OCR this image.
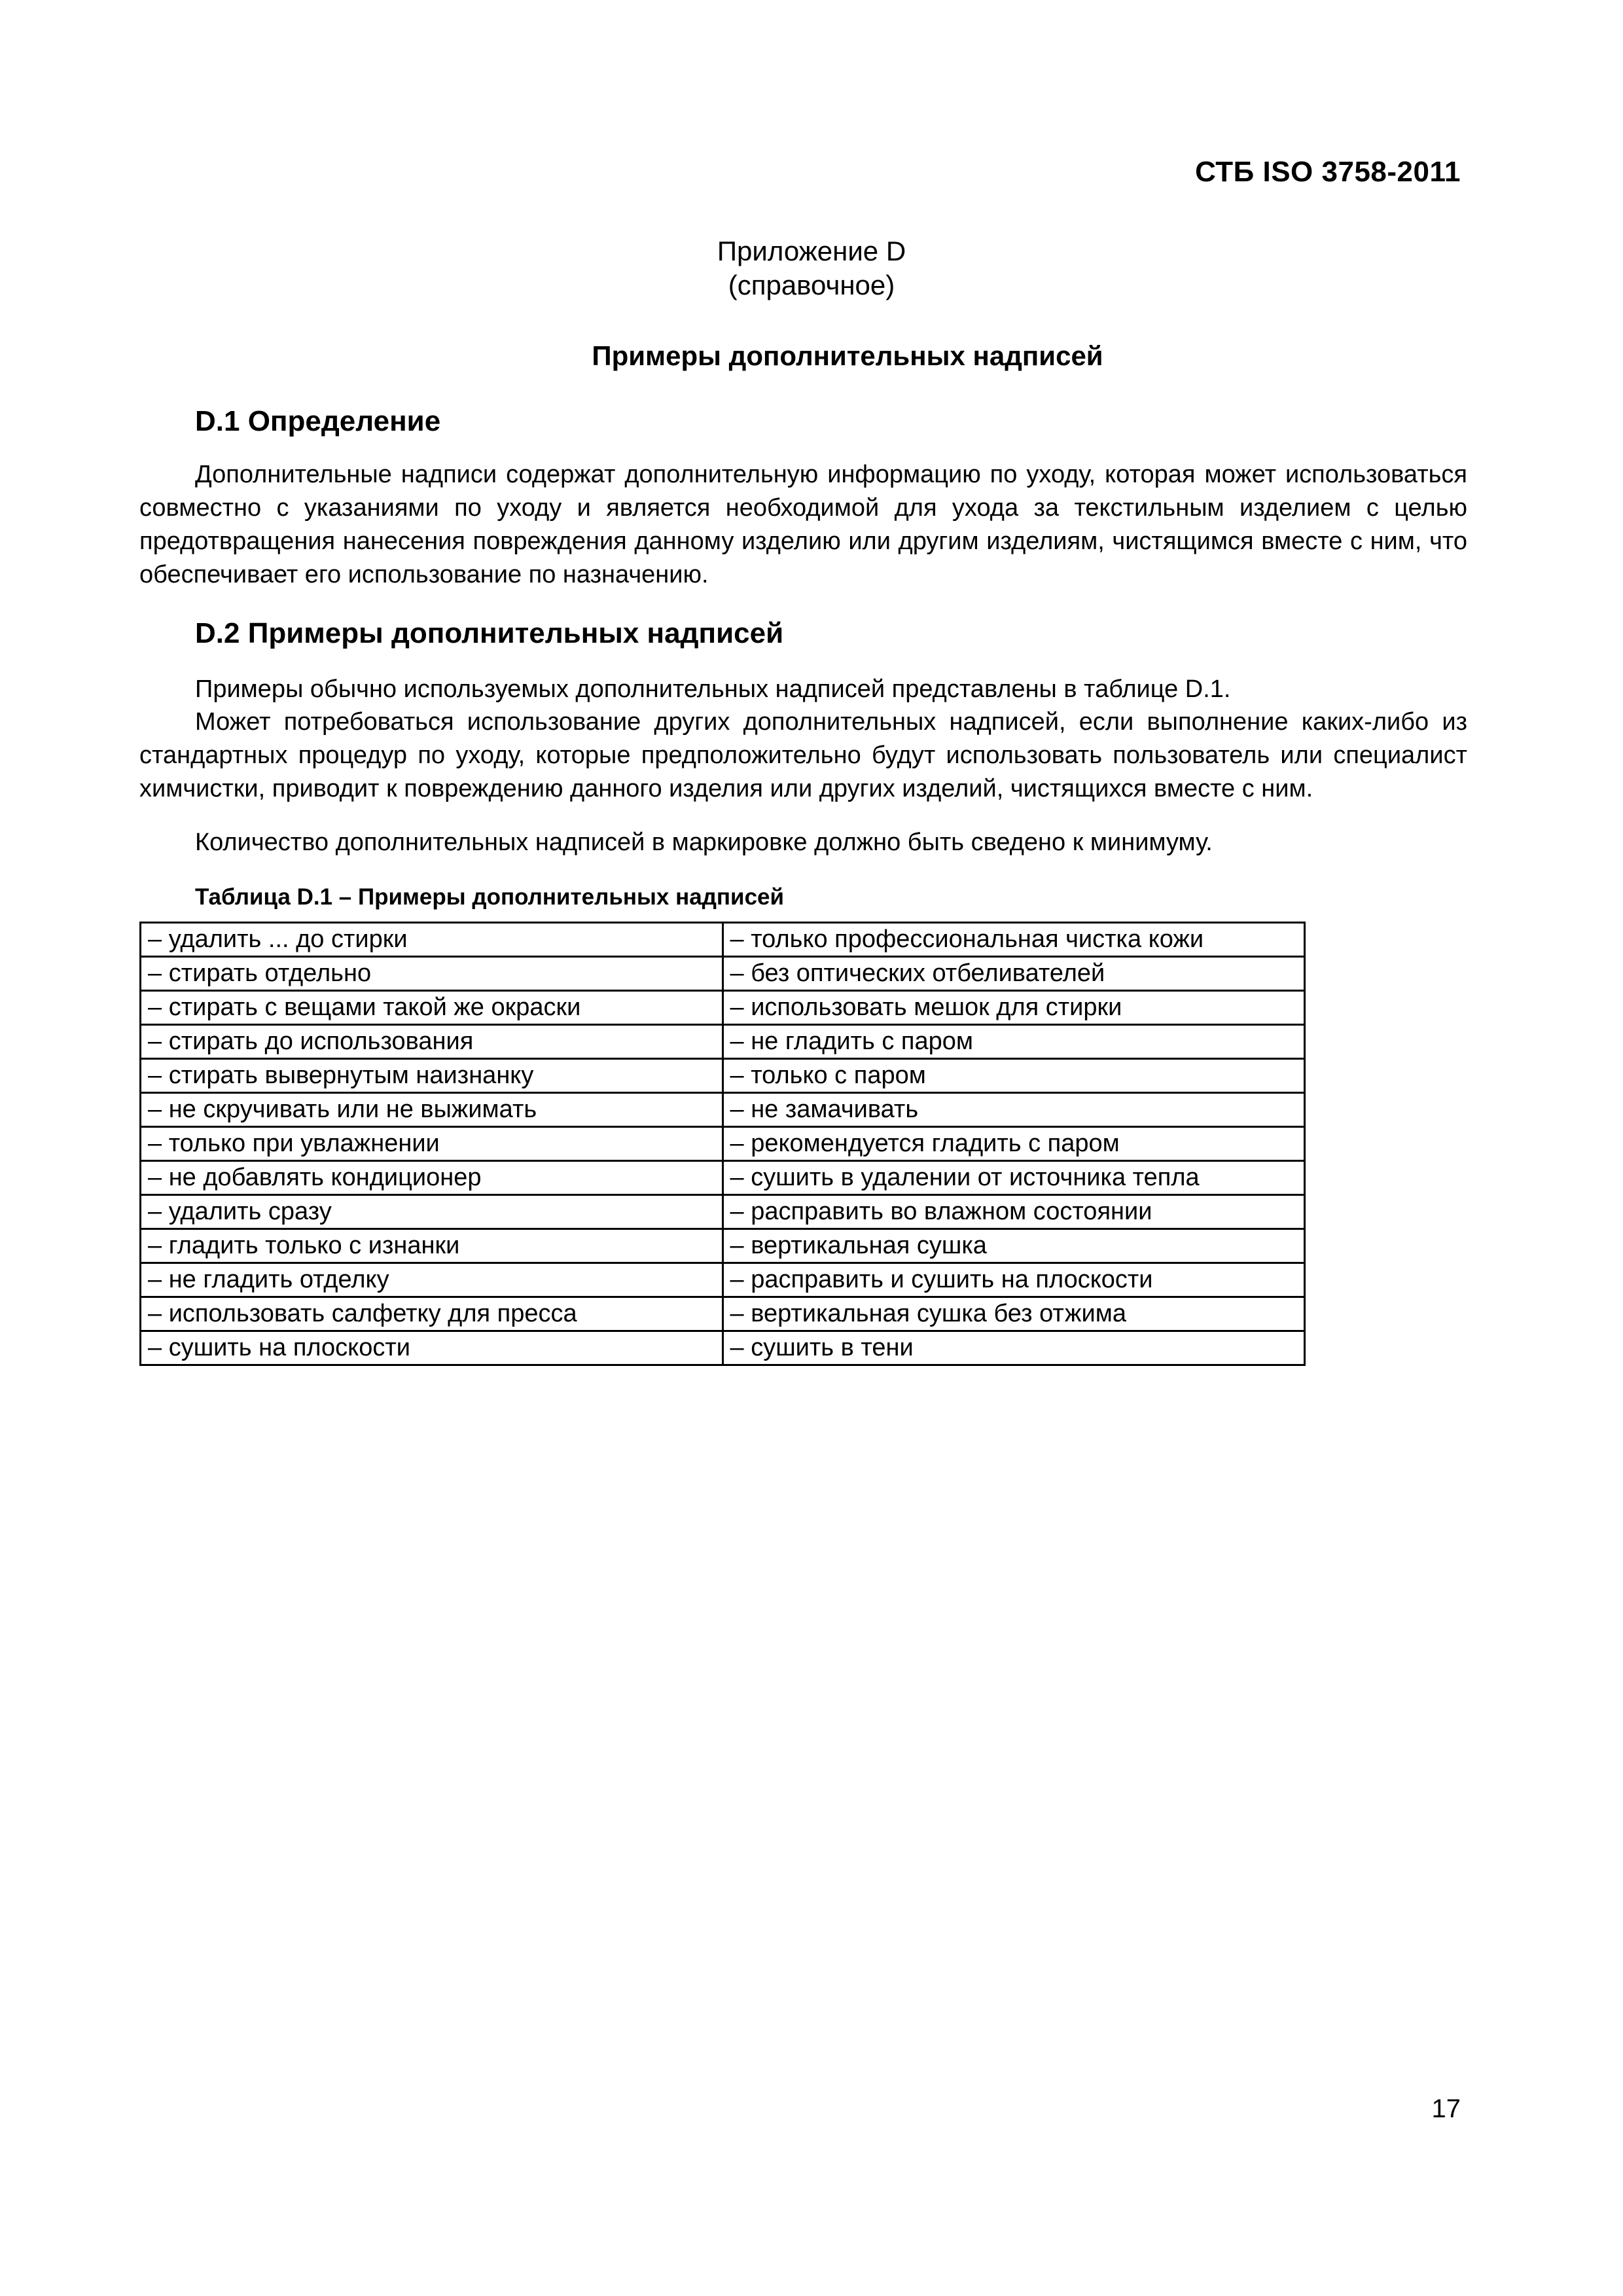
СТБ ISO 3758-2011
Приложение D
(справочное)
Примеры дополнительных надписей
D.1 Определение
Дополнительные надписи содержат дополнительную информацию по уходу, которая может использоваться совместно с указаниями по уходу и является необходимой для ухода за текстильным изделием с целью предотвращения нанесения повреждения данному изделию или другим изделиям, чистящимся вместе с ним, что обеспечивает его использование по назначению.
D.2 Примеры дополнительных надписей
Примеры обычно используемых дополнительных надписей представлены в таблице D.1.
Может потребоваться использование других дополнительных надписей, если выполнение каких-либо из стандартных процедур по уходу, которые предположительно будут использовать пользователь или специалист химчистки, приводит к повреждению данного изделия или других изделий, чистящихся вместе с ним.
Количество дополнительных надписей в маркировке должно быть сведено к минимуму.
Таблица D.1 – Примеры дополнительных надписей
– удалить ... до стирки	– только профессиональная чистка кожи
– стирать отдельно	– без оптических отбеливателей
– стирать с вещами такой же окраски	– использовать мешок для стирки
– стирать до использования	– не гладить с паром
– стирать вывернутым наизнанку	– только с паром
– не скручивать или не выжимать	– не замачивать
– только при увлажнении	– рекомендуется гладить с паром
– не добавлять кондиционер	– сушить в удалении от источника тепла
– удалить сразу	– расправить во влажном состоянии
– гладить только с изнанки	– вертикальная сушка
– не гладить отделку	– расправить и сушить на плоскости
– использовать салфетку для пресса	– вертикальная сушка без отжима
– сушить на плоскости	– сушить в тени
17
